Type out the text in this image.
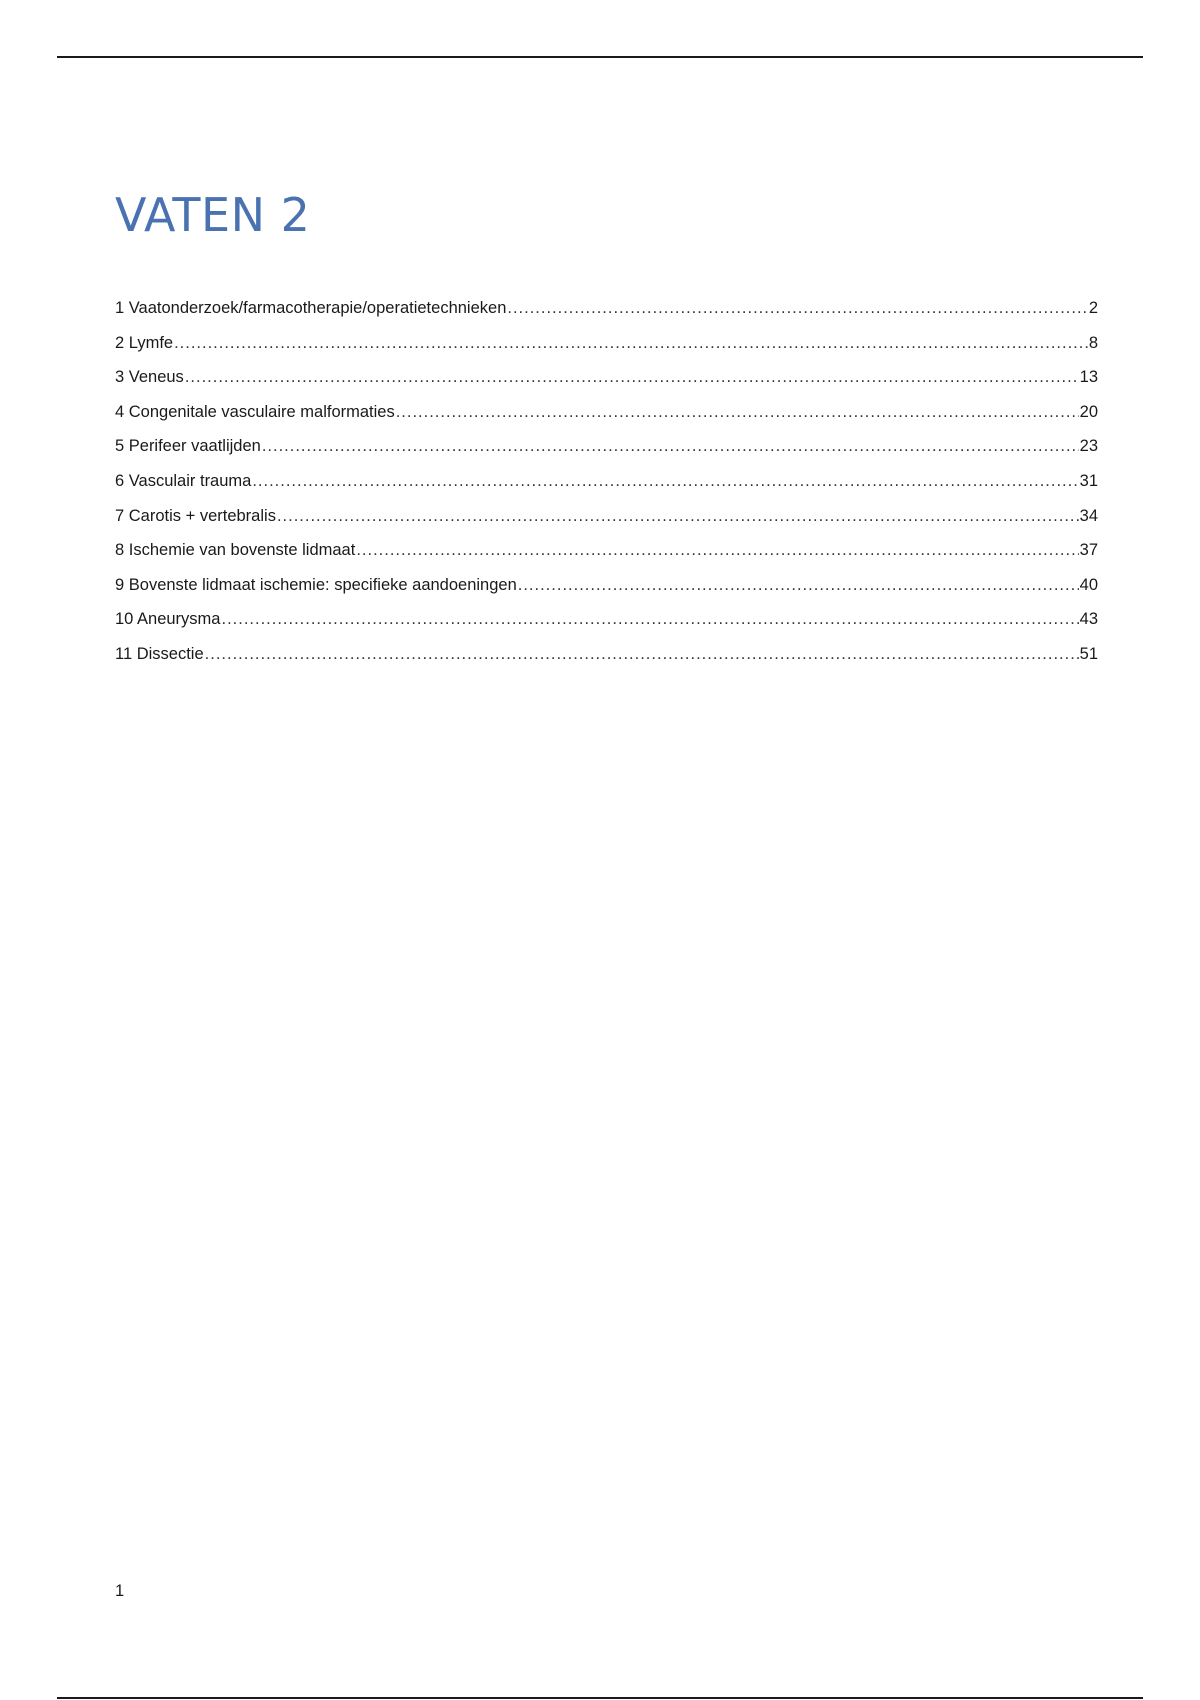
VATEN 2
1 Vaatonderzoek/farmacotherapie/operatietechnieken .....	2
2 Lymfe .....	8
3 Veneus .....	13
4 Congenitale vasculaire malformaties .....	20
5 Perifeer vaatlijden .....	23
6 Vasculair trauma .....	31
7 Carotis + vertebralis .....	34
8 Ischemie van bovenste lidmaat .....	37
9 Bovenste lidmaat ischemie: specifieke aandoeningen .....	40
10 Aneurysma .....	43
11 Dissectie .....	51
1
